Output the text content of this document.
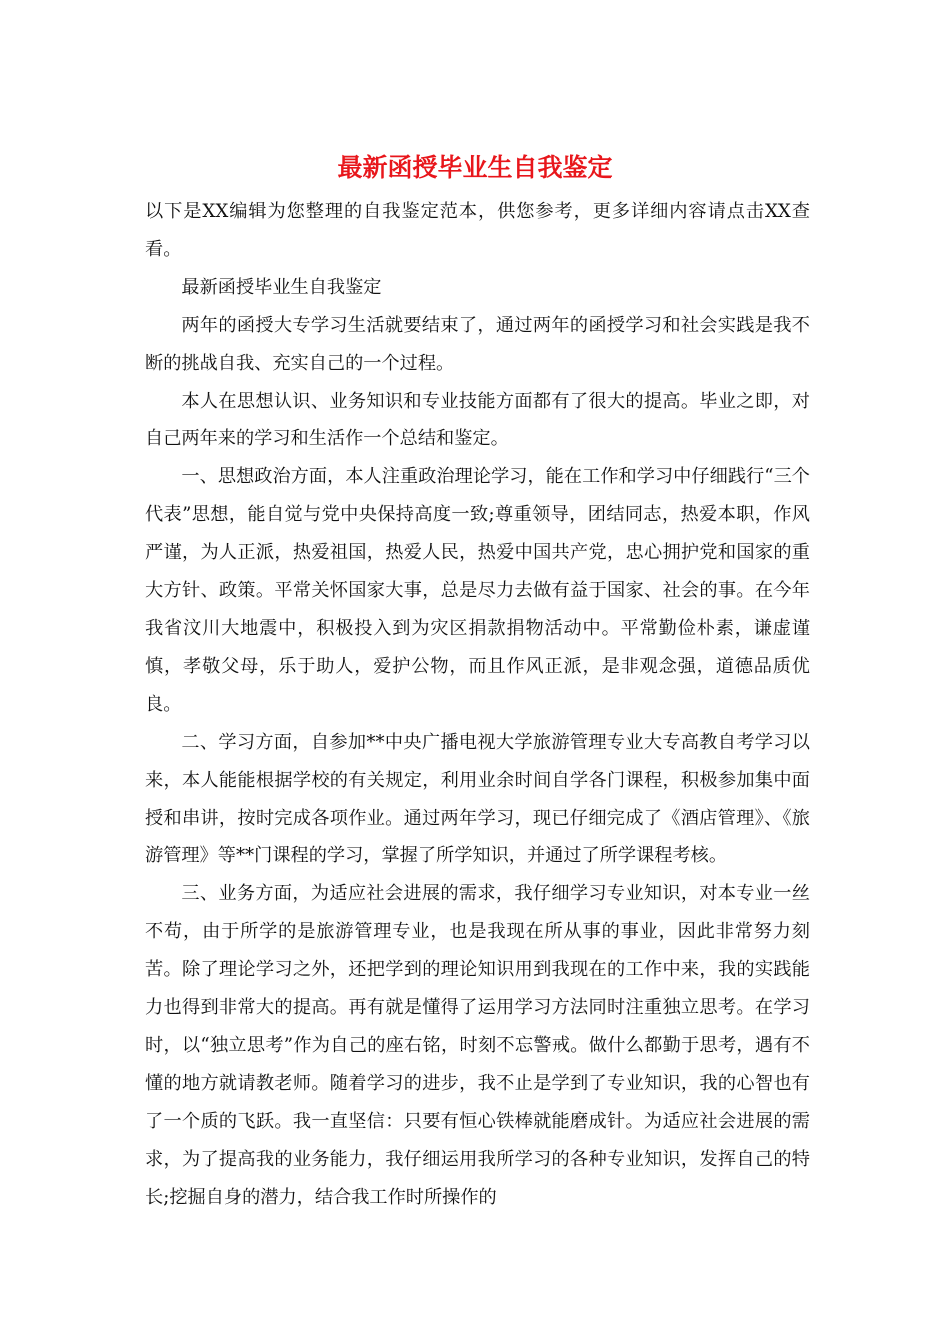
最新函授毕业生自我鉴定

以下是XX编辑为您整理的自我鉴定范本，供您参考，更多详细内容请点击XX查看。

最新函授毕业生自我鉴定

两年的函授大专学习生活就要结束了，通过两年的函授学习和社会实践是我不断的挑战自我、充实自己的一个过程。

本人在思想认识、业务知识和专业技能方面都有了很大的提高。毕业之即，对自己两年来的学习和生活作一个总结和鉴定。

一、思想政治方面，本人注重政治理论学习，能在工作和学习中仔细践行“三个代表”思想，能自觉与党中央保持高度一致;尊重领导，团结同志，热爱本职，作风严谨，为人正派，热爱祖国，热爱人民，热爱中国共产党，忠心拥护党和国家的重大方针、政策。平常关怀国家大事，总是尽力去做有益于国家、社会的事。在今年我省汶川大地震中，积极投入到为灾区捐款捐物活动中。平常勤俭朴素，谦虚谨慎，孝敬父母，乐于助人，爱护公物，而且作风正派，是非观念强，道德品质优良。

二、学习方面，自参加**中央广播电视大学旅游管理专业大专高教自考学习以来，本人能能根据学校的有关规定，利用业余时间自学各门课程，积极参加集中面授和串讲，按时完成各项作业。通过两年学习，现已仔细完成了《酒店管理》、《旅游管理》等**门课程的学习，掌握了所学知识，并通过了所学课程考核。

三、业务方面，为适应社会进展的需求，我仔细学习专业知识，对本专业一丝不苟，由于所学的是旅游管理专业，也是我现在所从事的事业，因此非常努力刻苦。除了理论学习之外，还把学到的理论知识用到我现在的工作中来，我的实践能力也得到非常大的提高。再有就是懂得了运用学习方法同时注重独立思考。在学习时，以“独立思考”作为自己的座右铭，时刻不忘警戒。做什么都勤于思考，遇有不懂的地方就请教老师。随着学习的进步，我不止是学到了专业知识，我的心智也有了一个质的飞跃。我一直坚信：只要有恒心铁棒就能磨成针。为适应社会进展的需求，为了提高我的业务能力，我仔细运用我所学习的各种专业知识，发挥自己的特长;挖掘自身的潜力，结合我工作时所操作的
